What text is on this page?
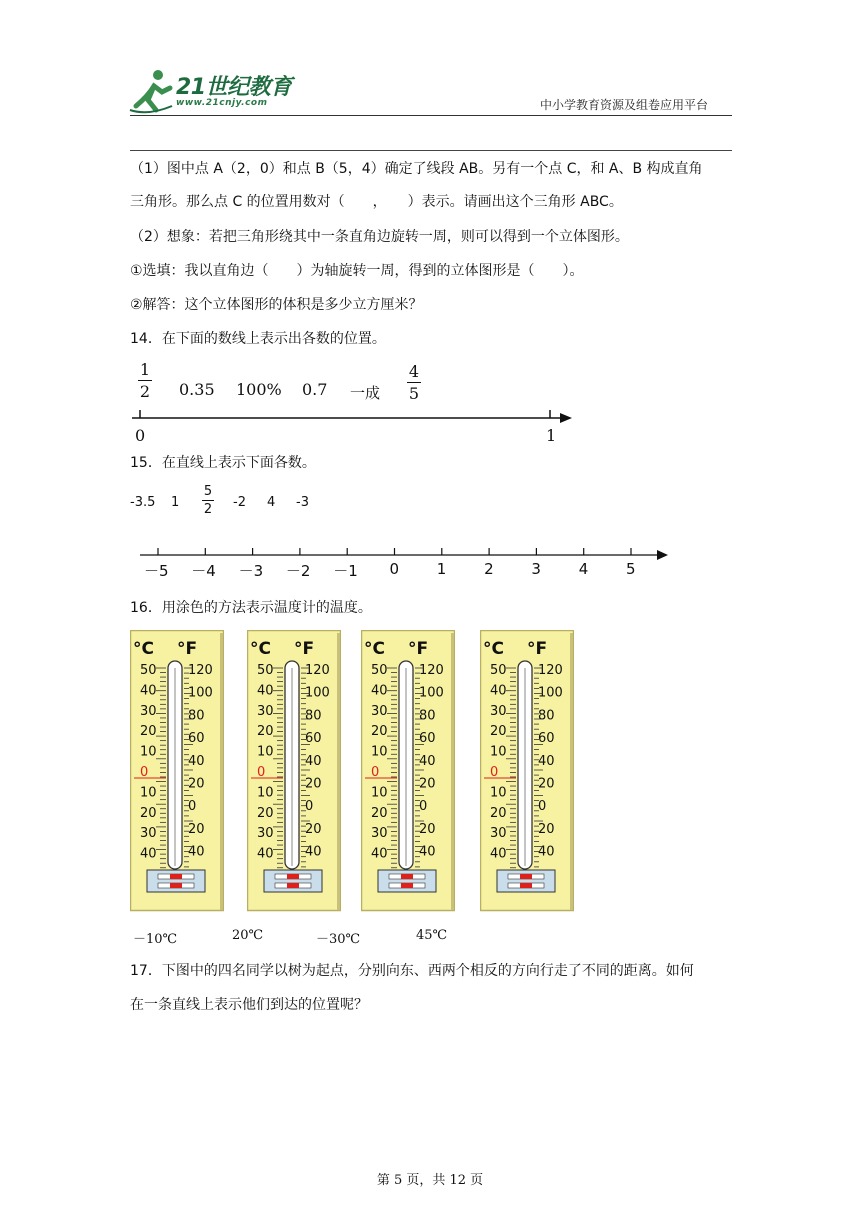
21世纪教育
www.21cnjy.com	中小学教育资源及组卷应用平台
（1）图中点 A（2，0）和点 B（5，4）确定了线段 AB。另有一个点 C，和 A、B 构成直角
三角形。那么点 C 的位置用数对（　　，　　）表示。请画出这个三角形 ABC。
（2）想象：若把三角形绕其中一条直角边旋转一周，则可以得到一个立体图形。
①选填：我以直角边（　　）为轴旋转一周，得到的立体图形是（　　）。
②解答：这个立体图形的体积是多少立方厘米？
14．在下面的数线上表示出各数的位置。
1
2 0.35 100% 0.7 一成
4
5
0	1
15．在直线上表示下面各数。
-3.5 1
5
2 -2 4 -3
－5 －4 －3 －2 －1 0	1	2	3	4	5
16．用涂色的方法表示温度计的温度。
°C °F
50
40
30
20
10
0
10
20
30
40
120
100
80
60
40
20
0
20
40
°C °F
50
40
30
20
10
0
10
20
30
40
120
100
80
60
40
20
0
20
40
°C °F
50
40
30
20
10
0
10
20
30
40
120
100
80
60
40
20
0
20
40
°C °F
50
40
30
20
10
0
10
20
30
40
120
100
80
60
40
20
0
20
40
－10℃	20℃	－30℃	45℃
17．下图中的四名同学以树为起点，分别向东、西两个相反的方向行走了不同的距离。如何
在一条直线上表示他们到达的位置呢？
第 5 页，共 12 页
